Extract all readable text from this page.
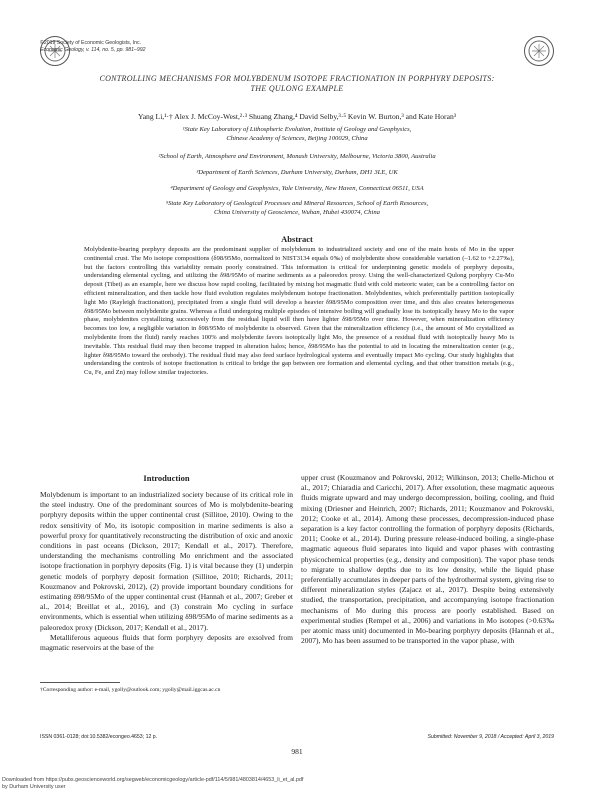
©2019 Society of Economic Geologists, Inc.
Economic Geology, v. 114, no. 5, pp. 981–992
CONTROLLING MECHANISMS FOR MOLYBDENUM ISOTOPE FRACTIONATION IN PORPHYRY DEPOSITS:
THE QULONG EXAMPLE
Yang Li,¹·† Alex J. McCoy-West,²·³ Shuang Zhang,⁴ David Selby,³·⁵ Kevin W. Burton,³ and Kate Horan³
¹State Key Laboratory of Lithospheric Evolution, Institute of Geology and Geophysics,
Chinese Academy of Sciences, Beijing 100029, China
²School of Earth, Atmosphere and Environment, Monash University, Melbourne, Victoria 3800, Australia
³Department of Earth Sciences, Durham University, Durham, DH1 3LE, UK
⁴Department of Geology and Geophysics, Yale University, New Haven, Connecticut 06511, USA
⁵State Key Laboratory of Geological Processes and Mineral Resources, School of Earth Resources,
China University of Geoscience, Wuhan, Hubei 430074, China
Abstract
Molybdenite-bearing porphyry deposits are the predominant supplier of molybdenum to industrialized society and one of the main hosts of Mo in the upper continental crust. The Mo isotope compositions (δ98/95Mo, normalized to NIST3134 equals 0‰) of molybdenite show considerable variation (–1.62 to +2.27‰), but the factors controlling this variability remain poorly constrained. This information is critical for underpinning genetic models of porphyry deposits, understanding elemental cycling, and utilizing the δ98/95Mo of marine sediments as a paleoredox proxy. Using the well-characterized Qulong porphyry Cu-Mo deposit (Tibet) as an example, here we discuss how rapid cooling, facilitated by mixing hot magmatic fluid with cold meteoric water, can be a controlling factor on efficient mineralization, and then tackle how fluid evolution regulates molybdenum isotope fractionation. Molybdenites, which preferentially partition isotopically light Mo (Rayleigh fractionation), precipitated from a single fluid will develop a heavier δ98/95Mo composition over time, and this also creates heterogeneous δ98/95Mo between molybdenite grains. Whereas a fluid undergoing multiple episodes of intensive boiling will gradually lose its isotopically heavy Mo to the vapor phase, molybdenites crystallizing successively from the residual liquid will then have lighter δ98/95Mo over time. However, when mineralization efficiency becomes too low, a negligible variation in δ98/95Mo of molybdenite is observed. Given that the mineralization efficiency (i.e., the amount of Mo crystallized as molybdenite from the fluid) rarely reaches 100% and molybdenite favors isotopically light Mo, the presence of a residual fluid with isotopically heavy Mo is inevitable. This residual fluid may then become trapped in alteration halos; hence, δ98/95Mo has the potential to aid in locating the mineralization center (e.g., lighter δ98/95Mo toward the orebody). The residual fluid may also feed surface hydrological systems and eventually impact Mo cycling. Our study highlights that understanding the controls of isotope fractionation is critical to bridge the gap between ore formation and elemental cycling, and that other transition metals (e.g., Cu, Fe, and Zn) may follow similar trajectories.
Introduction
Molybdenum is important to an industrialized society because of its critical role in the steel industry. One of the predominant sources of Mo is molybdenite-bearing porphyry deposits within the upper continental crust (Sillitoe, 2010). Owing to the redox sensitivity of Mo, its isotopic composition in marine sediments is also a powerful proxy for quantitatively reconstructing the distribution of oxic and anoxic conditions in past oceans (Dickson, 2017; Kendall et al., 2017). Therefore, understanding the mechanisms controlling Mo enrichment and the associated isotope fractionation in porphyry deposits (Fig. 1) is vital because they (1) underpin genetic models of porphyry deposit formation (Sillitoe, 2010; Richards, 2011; Kouzmanov and Pokrovski, 2012), (2) provide important boundary conditions for estimating δ98/95Mo of the upper continental crust (Hannah et al., 2007; Greber et al., 2014; Breillat et al., 2016), and (3) constrain Mo cycling in surface environments, which is essential when utilizing δ98/95Mo of marine sediments as a paleoredox proxy (Dickson, 2017; Kendall et al., 2017).
Metalliferous aqueous fluids that form porphyry deposits are exsolved from magmatic reservoirs at the base of the
upper crust (Kouzmanov and Pokrovski, 2012; Wilkinson, 2013; Chelle-Michou et al., 2017; Chiaradia and Caricchi, 2017). After exsolution, these magmatic aqueous fluids migrate upward and may undergo decompression, boiling, cooling, and fluid mixing (Driesner and Heinrich, 2007; Richards, 2011; Kouzmanov and Pokrovski, 2012; Cooke et al., 2014). Among these processes, decompression-induced phase separation is a key factor controlling the formation of porphyry deposits (Richards, 2011; Cooke et al., 2014). During pressure release-induced boiling, a single-phase magmatic aqueous fluid separates into liquid and vapor phases with contrasting physicochemical properties (e.g., density and composition). The vapor phase tends to migrate to shallow depths due to its low density, while the liquid phase preferentially accumulates in deeper parts of the hydrothermal system, giving rise to different mineralization styles (Zajacz et al., 2017). Despite being extensively studied, the transportation, precipitation, and accompanying isotope fractionation mechanisms of Mo during this process are poorly established. Based on experimental studies (Rempel et al., 2006) and variations in Mo isotopes (>0.63‰ per atomic mass unit) documented in Mo-bearing porphyry deposits (Hannah et al., 2007), Mo has been assumed to be transported in the vapor phase, with
†Corresponding author: e-mail, ygolly@outlook.com; ygolly@mail.iggcas.ac.cn
ISSN 0361-0128; doi:10.5382/econgeo.4653; 12 p.	Submitted: November 9, 2018 / Accepted: April 3, 2019
981
Downloaded from https://pubs.geoscienceworld.org/segweb/economicgeology/article-pdf/114/5/981/4803814/4653_li_et_al.pdf
by Durham University user
